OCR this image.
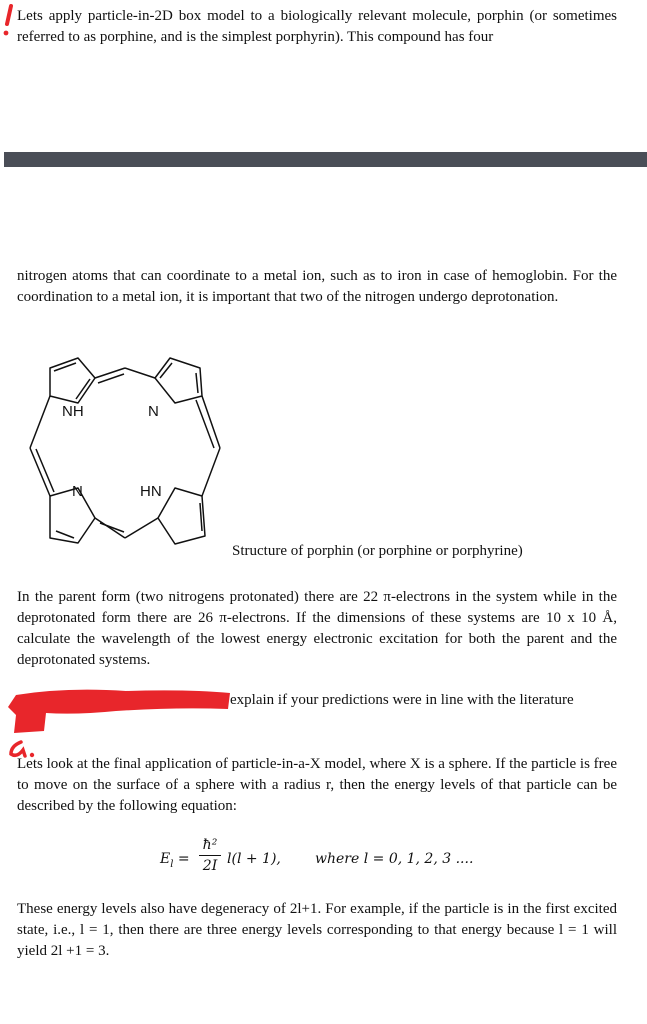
Lets apply particle-in-2D box model to a biologically relevant molecule, porphin (or sometimes referred to as porphine, and is the simplest porphyrin). This compound has four

nitrogen atoms that can coordinate to a metal ion, such as to iron in case of hemoglobin. For the coordination to a metal ion, it is important that two of the nitrogen undergo deprotonation.

NH	N
N	HN
Structure of porphin (or porphine or porphyrine)

In the parent form (two nitrogens protonated) there are 22 π-electrons in the system while in the deprotonated form there are 26 π-electrons. If the dimensions of these systems are 10 x 10 Å, calculate the wavelength of the lowest energy electronic excitation for both the parent and the deprotonated systems.

explain if your predictions were in line with the literature

Lets look at the final application of particle-in-a-X model, where X is a sphere. If the particle is free to move on the surface of a sphere with a radius r, then the energy levels of that particle can be described by the following equation:

$E_l$ =
ħ²
2I l(l + 1), where l = 0, 1, 2, 3 ....

These energy levels also have degeneracy of 2l+1. For example, if the particle is in the first excited state, i.e., l = 1, then there are three energy levels corresponding to that energy because l = 1 will yield 2l +1 = 3.
